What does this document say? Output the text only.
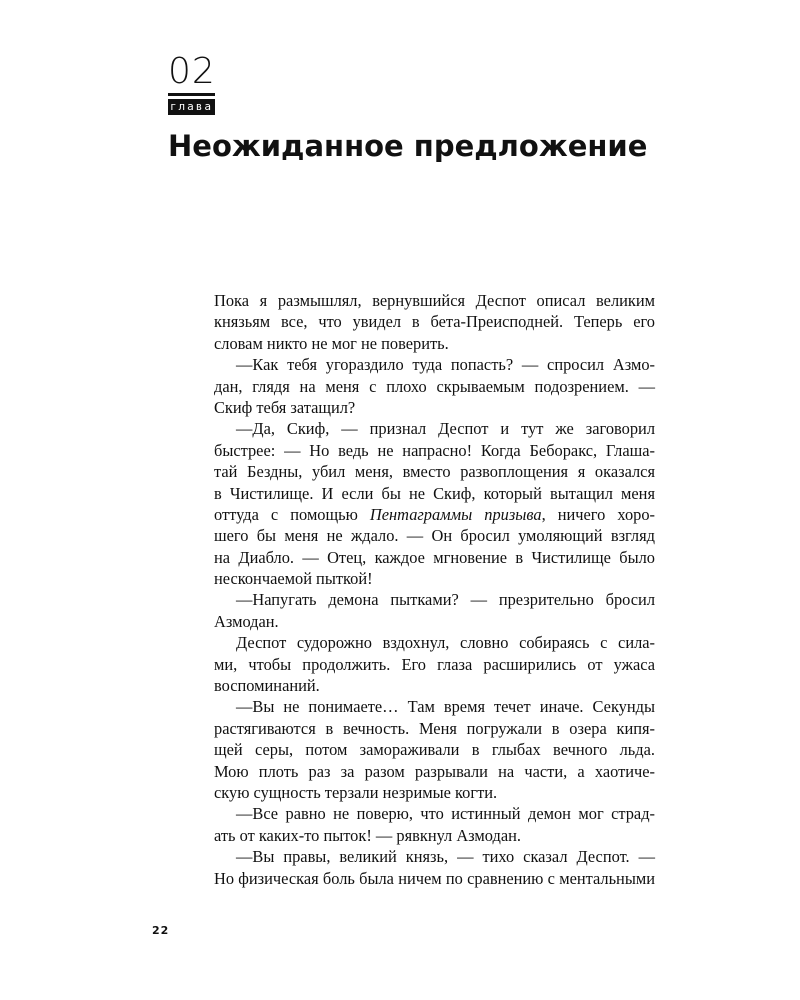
02
глава
Неожиданное предложение
Пока я размышлял, вернувшийся Деспот описал великим
князьям все, что увидел в бета-Преисподней. Теперь его
словам никто не мог не поверить.
—Как тебя угораздило туда попасть? — спросил Азмо-
дан, глядя на меня с плохо скрываемым подозрением. —
Скиф тебя затащил?
—Да, Скиф, — признал Деспот и тут же заговорил
быстрее: — Но ведь не напрасно! Когда Беборакс, Глаша-
тай Бездны, убил меня, вместо развоплощения я оказался
в Чистилище. И если бы не Скиф, который вытащил меня
оттуда с помощью Пентаграммы призыва, ничего хоро-
шего бы меня не ждало. — Он бросил умоляющий взгляд
на Диабло. — Отец, каждое мгновение в Чистилище было
нескончаемой пыткой!
—Напугать демона пытками? — презрительно бросил
Азмодан.
Деспот судорожно вздохнул, словно собираясь с сила-
ми, чтобы продолжить. Его глаза расширились от ужаса
воспоминаний.
—Вы не понимаете… Там время течет иначе. Секунды
растягиваются в вечность. Меня погружали в озера кипя-
щей серы, потом замораживали в глыбах вечного льда.
Мою плоть раз за разом разрывали на части, а хаотиче-
скую сущность терзали незримые когти.
—Все равно не поверю, что истинный демон мог страд-
ать от каких-то пыток! — рявкнул Азмодан.
—Вы правы, великий князь, — тихо сказал Деспот. —
Но физическая боль была ничем по сравнению с ментальными
22
